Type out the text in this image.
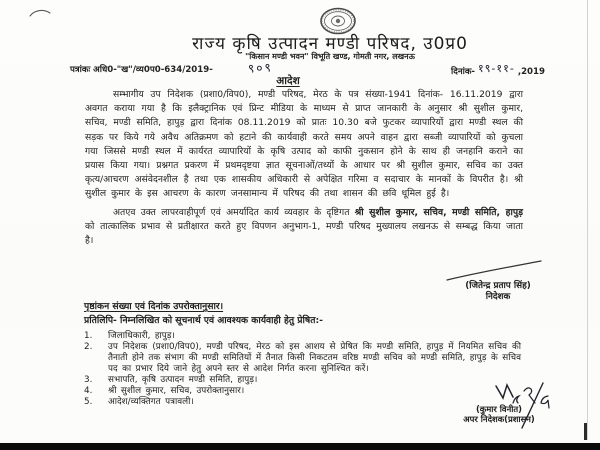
राज्य कृषि उत्पादन मण्डी परिषद, उ0प्र0
"किसान मण्डी भवन" विभूति खण्ड, गोमती नगर, लखनऊ
पत्रांकः अधि0-"ख"/व्य0प0-634/2019-	९०९	दिनांक- १९-११- ,2019
आदेश

सम्भागीय उप निदेशक (प्रशा0/विप0), मण्डी परिषद, मेरठ के पत्र संख्या-1941 दिनांक- 16.11.2019 द्वारा अवगत कराया गया है कि इलैक्ट्रानिक एवं प्रिन्ट मीडिया के माध्यम से प्राप्त जानकारी के अनुसार श्री सुशील कुमार, सचिव, मण्डी समिति, हापुड़ द्वारा दिनांक 08.11.2019 को प्रातः 10.30 बजे फुटकर व्यापारियों द्वारा मण्डी स्थल की सड़क पर किये गये अवैध अतिक्रमण को हटाने की कार्यवाही करते समय अपने वाहन द्वारा सब्जी व्यापारियों को कुचला गया जिससे मण्डी स्थल में कार्यरत व्यापारियों के कृषि उत्पाद को काफी नुकसान होने के साथ ही जनहानि कराने का प्रयास किया गया। प्रश्नगत प्रकरण में प्रथमदृष्टया ज्ञात सूचनाओं/तथ्यों के आधार पर श्री सुशील कुमार, सचिव का उक्त कृत्य/आचरण असंवेदनशील है तथा एक शासकीय अधिकारी से अपेक्षित गरिमा व सदाचार के मानकों के विपरीत है। श्री सुशील कुमार के इस आचरण के कारण जनसामान्य में परिषद की तथा शासन की छवि धूमिल हुई है।

अतएव उक्त लापरवाहीपूर्ण एवं अमर्यादित कार्य व्यवहार के दृष्टिगत श्री सुशील कुमार, सचिव, मण्डी समिति, हापुड़ को तात्कालिक प्रभाव से प्रतीक्षारत करते हुए विपणन अनुभाग-1, मण्डी परिषद मुख्यालय लखनऊ से सम्बद्ध किया जाता है।

(जितेन्द्र प्रताप सिंह)
निदेशक
पृष्ठांकन संख्या एवं दिनांक उपरोक्तानुसार।
प्रतिलिपि- निम्नलिखित को सूचनार्थ एवं आवश्यक कार्यवाही हेतु प्रेषित:-
1.	जिलाधिकारी, हापुड़।
2.	उप निदेशक (प्रशा0/विप0), मण्डी परिषद, मेरठ को इस आशय से प्रेषित कि मण्डी समिति, हापुड़ में नियमित सचिव की तैनाती होने तक संभाग की मण्डी समितियों में तैनात किसी निकटतम वरिष्ठ मण्डी सचिव को मण्डी समिति, हापुड़ के सचिव पद का प्रभार दिये जाने हेतु अपने स्तर से आदेश निर्गत करना सुनिश्चित करें।
3.	सभापति, कृषि उत्पादन मण्डी समिति, हापुड़।
4.	श्री सुशील कुमार, सचिव, उपरोक्तानुसार।
5.	आदेश/व्यक्तिगत पत्रावली।
(कुमार विनीत)
अपर निदेशक(प्रशासन)
